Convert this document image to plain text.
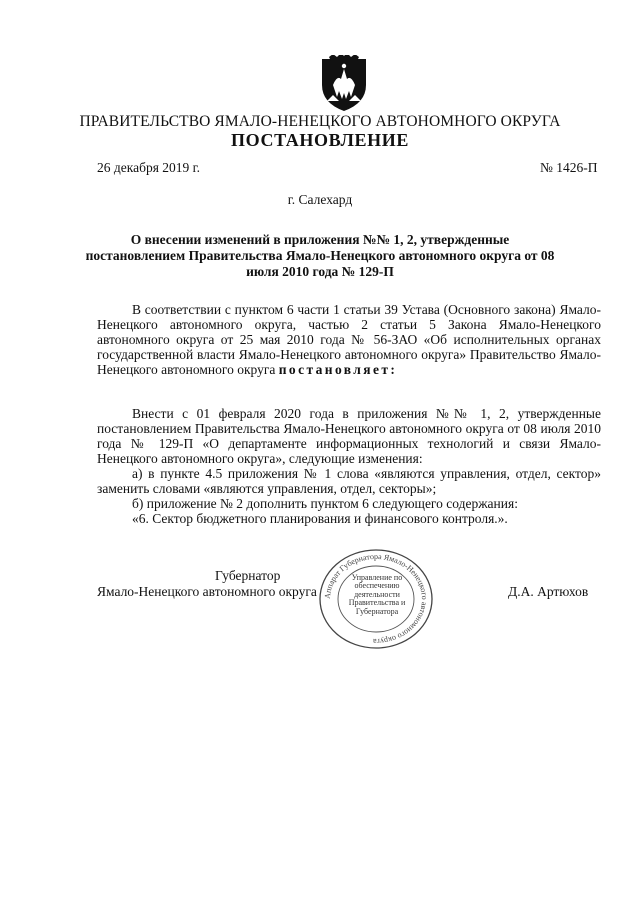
ПРАВИТЕЛЬСТВО ЯМАЛО-НЕНЕЦКОГО АВТОНОМНОГО ОКРУГА
ПОСТАНОВЛЕНИЕ
26 декабря 2019 г.	№ 1426-П
г. Салехард
О внесении изменений в приложения №№ 1, 2, утвержденные постановлением Правительства Ямало-Ненецкого автономного округа от 08 июля 2010 года № 129-П
В соответствии с пунктом 6 части 1 статьи 39 Устава (Основного закона) Ямало-Ненецкого автономного округа, частью 2 статьи 5 Закона Ямало-Ненецкого автономного округа от 25 мая 2010 года № 56-ЗАО «Об исполнительных органах государственной власти Ямало-Ненецкого автономного округа» Правительство Ямало-Ненецкого автономного округа постановляет:
Внести с 01 февраля 2020 года в приложения №№ 1, 2, утвержденные постановлением Правительства Ямало-Ненецкого автономного округа от 08 июля 2010 года № 129-П «О департаменте информационных технологий и связи Ямало-Ненецкого автономного округа», следующие изменения:
а) в пункте 4.5 приложения № 1 слова «являются управления, отдел, сектор» заменить словами «являются управления, отдел, секторы»;
б) приложение № 2 дополнить пунктом 6 следующего содержания:
«6. Сектор бюджетного планирования и финансового контроля.».
Аппарат Губернатора Ямало-Ненецкого автономного округа
Управление по обеспечению деятельности Правительства и Губернатора
Губернатор
Ямало-Ненецкого автономного округа	Д.А. Артюхов
